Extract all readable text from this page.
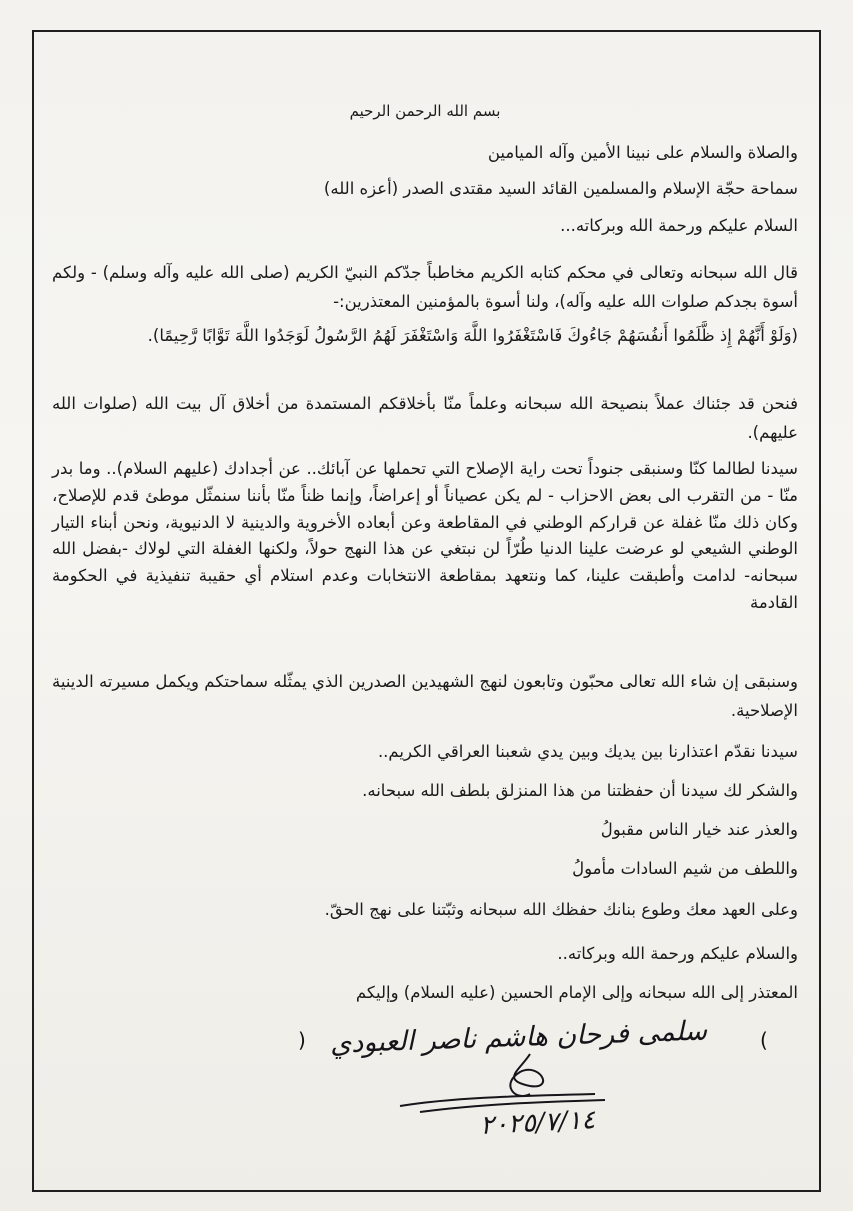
بسم الله الرحمن الرحيم
والصلاة والسلام على نبينا الأمين وآله الميامين
سماحة حجّة الإسلام والمسلمين القائد السيد مقتدى الصدر (أعزه الله)
السلام عليكم ورحمة الله وبركاته...
قال الله سبحانه وتعالى في محكم كتابه الكريم مخاطباً جدّكم النبيّ الكريم (صلى الله عليه وآله وسلم) - ولكم أسوة بجدكم صلوات الله عليه وآله)، ولنا أسوة بالمؤمنين المعتذرين:-
(وَلَوْ أَنَّهُمْ إِذ ظَّلَمُوا أَنفُسَهُمْ جَاءُوكَ فَاسْتَغْفَرُوا اللَّهَ وَاسْتَغْفَرَ لَهُمُ الرَّسُولُ لَوَجَدُوا اللَّهَ تَوَّابًا رَّحِيمًا).
فنحن قد جئناك عملاً بنصيحة الله سبحانه وعلماً منّا بأخلاقكم المستمدة من أخلاق آل بيت الله (صلوات الله عليهم).
سيدنا لطالما كنّا وسنبقى جنوداً تحت راية الإصلاح التي تحملها عن آبائك.. عن أجدادك (عليهم السلام).. وما بدر منّا - من التقرب الى بعض الاحزاب - لم يكن عصياناً أو إعراضاً، وإنما ظناً منّا بأننا سنمثّل موطئ قدم للإصلاح، وكان ذلك منّا غفلة عن قراركم الوطني في المقاطعة وعن أبعاده الأخروية والدينية لا الدنيوية، ونحن أبناء التيار الوطني الشيعي لو عرضت علينا الدنيا طُرّاً لن نبتغي عن هذا النهج حولاً، ولكنها الغفلة التي لولاك -بفضل الله سبحانه- لدامت وأطبقت علينا، كما ونتعهد بمقاطعة الانتخابات وعدم استلام أي حقيبة تنفيذية في الحكومة القادمة
وسنبقى إن شاء الله تعالى محبّون وتابعون لنهج الشهيدين الصدرين الذي يمثّله سماحتكم ويكمل مسيرته الدينية الإصلاحية.
سيدنا نقدّم اعتذارنا بين يديك وبين يدي شعبنا العراقي الكريم..
والشكر لك سيدنا أن حفظتنا من هذا المنزلق بلطف الله سبحانه.
والعذر عند خيار الناس مقبولُ
واللطف من شيم السادات مأمولُ
وعلى العهد معك وطوع بنانك حفظك الله سبحانه وثبّتنا على نهج الحقّ.
والسلام عليكم ورحمة الله وبركاته..
المعتذر إلى الله سبحانه وإلى الإمام الحسين (عليه السلام) وإليكم
)	(
سلمى فرحان هاشم ناصر العبودي
٢٠٢٥/٧/١٤
